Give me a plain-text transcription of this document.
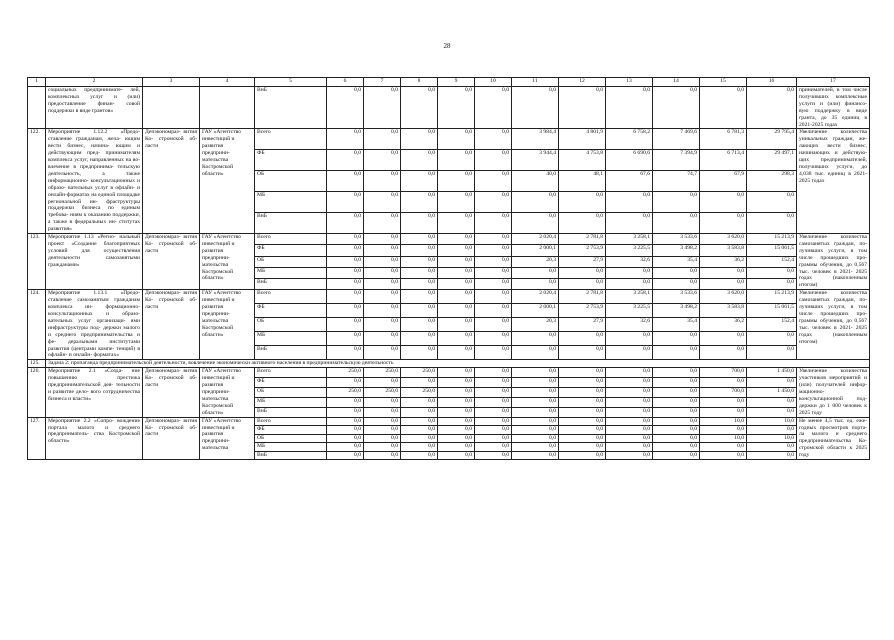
28
1	2	3	4	5	6	7	8	9	10	11	12	13	14	15	16	17
	социальных предпринимате- лей, комплексных услуг и (или) предоставление финан- совой поддержки в виде грантов»			ВнБ	0,0	0,0	0,0	0,0	0,0	0,0	0,0	0,0	0,0	0,0	0,0	принимателей, в том числе получивших комплексные услуги и (или) финансо- вую поддержку в виде гранта, до 35 единиц в 2021-2025 годах
122.	Мероприятие 1.12.2 «Предо- ставление гражданам, жела- ющим вести бизнес, начина- ющим и действующим пред- принимателям комплекса услуг, направленных на во- влечение в предпринима- тельскую деятельность, а также информационно- консультационных и образо- вательных услуг в офлайн- и онлайн-форматах на единой площадке региональной ин- фраструктуры поддержки бизнеса по единым требова- ниям к оказанию поддержки, а также в федеральных ин- ститутах развития»	Депэкономраз- вития Ко- стромской об- ласти	ГАУ «Агентство инвестиций и развития предприни- мательства Костромской области»	Всего	0,0	0,0	0,0	0,0	0,0	3 984,4	4 801,9	6 758,2	7 469,6	6 781,3	29 795,4	Увеличение количества уникальных граждан, же- лающих вести бизнес, начинающих и действую- щих предпринимателей, получивших услуги, до 4,038 тыс. единиц в 2021- 2025 годах
				ФБ	0,0	0,0	0,0	0,0	0,0	3 944,4	4 753,8	6 690,6	7 394,9	6 713,4	29 497,1	
				ОБ	0,0	0,0	0,0	0,0	0,0	40,0	48,1	67,6	74,7	67,9	298,3	
				МБ	0,0	0,0	0,0	0,0	0,0	0,0	0,0	0,0	0,0	0,0	0,0	
				ВнБ	0,0	0,0	0,0	0,0	0,0	0,0	0,0	0,0	0,0	0,0	0,0	
123.	Мероприятие 1.13 «Регио- нальный проект «Создание благоприятных условий для осуществления деятельности самозанятыми гражданами»	Депэкономраз- вития Ко- стромской об- ласти	ГАУ «Агентство инвестиций и развития предприни- мательства Костромской области»	Всего	0,0	0,0	0,0	0,0	0,0	2 020,4	2 781,8	3 258,1	3 533,6	3 620,0	15 213,9	Увеличение количества самозанятых граждан, по- лучивших услуги, в том числе прошедших про- граммы обучения, до 0,567 тыс. человек в 2021- 2025 годах (накопленным итогом)
				ФБ	0,0	0,0	0,0	0,0	0,0	2 000,1	2 753,9	3 225,5	3 498,2	3 583,8	15 061,5	
				ОБ	0,0	0,0	0,0	0,0	0,0	20,3	27,9	32,6	35,4	36,2	152,4	
				МБ	0,0	0,0	0,0	0,0	0,0	0,0	0,0	0,0	0,0	0,0	0,0	
				ВнБ	0,0	0,0	0,0	0,0	0,0	0,0	0,0	0,0	0,0	0,0	0,0	
124.	Мероприятие 1.13.1 «Предо- ставление самозанятым гражданам комплекса ин- формационно- консультационных и образо- вательных услуг организаци- ями инфраструктуры под- держки малого и среднего предпринимательства и фе- деральными институтами развития (центрами компе- тенций) в офлайн- и онлайн- форматах»	Депэкономраз- вития Ко- стромской об- ласти	ГАУ «Агентство инвестиций и развития предприни- мательства Костромской области»	Всего	0,0	0,0	0,0	0,0	0,0	2 020,4	2 781,8	3 258,1	3 533,6	3 620,0	15 213,9	Увеличение количества самозанятых граждан, по- лучивших услуги, в том числе прошедших про- граммы обучения, до 0,567 тыс. человек в 2021- 2025 годах (накопленным итогом)
				ФБ	0,0	0,0	0,0	0,0	0,0	2 000,1	2 753,9	3 225,5	3 498,2	3 583,8	15 061,5	
				ОБ	0,0	0,0	0,0	0,0	0,0	20,3	27,9	32,6	35,4	36,2	152,4	
				МБ	0,0	0,0	0,0	0,0	0,0	0,0	0,0	0,0	0,0	0,0	0,0	
				ВнБ	0,0	0,0	0,0	0,0	0,0	0,0	0,0	0,0	0,0	0,0	0,0	
125.	Задача 2: пропаганда предпринимательской деятельности, вовлечение экономически активного населения в предпринимательскую деятельность															
126.	Мероприятие 2.1 «Созда- ние повышению престижа предпринимательской дея- тельности и развитие дело- вого сотрудничества бизнеса и власти»	Депэкономраз- вития Ко- стромской об- ласти	ГАУ «Агентство инвестиций и развития предприни- мательства Костромской области»	Всего	250,0	250,0	250,0	0,0	0,0	0,0	0,0	0,0	0,0	700,0	1 450,0	Увеличение количества участников мероприятий и (или) получателей инфор- мационно- консультационной под- держки до 1 000 человек к 2025 году
				ФБ	0,0	0,0	0,0	0,0	0,0	0,0	0,0	0,0	0,0	0,0	0,0	
				ОБ	250,0	250,0	250,0	0,0	0,0	0,0	0,0	0,0	0,0	700,0	1 450,0	
				МБ	0,0	0,0	0,0	0,0	0,0	0,0	0,0	0,0	0,0	0,0	0,0	
				ВнБ	0,0	0,0	0,0	0,0	0,0	0,0	0,0	0,0	0,0	0,0	0,0	
127.	Мероприятие 2.2 «Сопро- вождение портала малого и среднего предпринматель- ства Костромской области»	Депэкономраз- вития Ко- стромской об- ласти	ГАУ «Агентство инвестиций и развития предприни- мательства	Всего	0,0	0,0	0,0	0,0	0,0	0,0	0,0	0,0	0,0	10,0	10,0	Не менее 4,5 тыс. ед. еже- годных просмотров порта- ла малого и среднего предпринимательства Ко- стромской области к 2025 году
				ФБ	0,0	0,0	0,0	0,0	0,0	0,0	0,0	0,0	0,0	0,0	0,0	
				ОБ	0,0	0,0	0,0	0,0	0,0	0,0	0,0	0,0	0,0	10,0	10,0	
				МБ	0,0	0,0	0,0	0,0	0,0	0,0	0,0	0,0	0,0	0,0	0,0	
				ВнБ	0,0	0,0	0,0	0,0	0,0	0,0	0,0	0,0	0,0	0,0	0,0	
